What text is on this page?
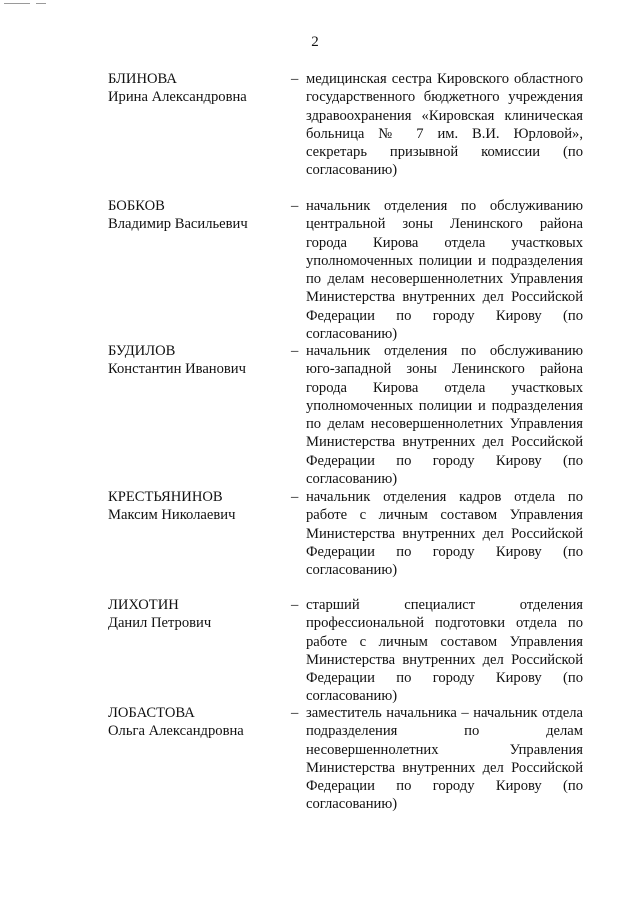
2
БЛИНОВА
Ирина Александровна
– медицинская сестра Кировского областного государственного бюджетного учреждения здравоохранения «Кировская клиническая больница № 7 им. В.И. Юрловой», секретарь призывной комиссии (по согласованию)
БОБКОВ
Владимир Васильевич
– начальник отделения по обслуживанию центральной зоны Ленинского района города Кирова отдела участковых уполномоченных полиции и подразделения по делам несовершеннолетних Управления Министерства внутренних дел Российской Федерации по городу Кирову (по согласованию)
БУДИЛОВ
Константин Иванович
– начальник отделения по обслуживанию юго-западной зоны Ленинского района города Кирова отдела участковых уполномоченных полиции и подразделения по делам несовершеннолетних Управления Министерства внутренних дел Российской Федерации по городу Кирову (по согласованию)
КРЕСТЬЯНИНОВ
Максим Николаевич
– начальник отделения кадров отдела по работе с личным составом Управления Министерства внутренних дел Российской Федерации по городу Кирову (по согласованию)
ЛИХОТИН
Данил Петрович
– старший специалист отделения профессиональной подготовки отдела по работе с личным составом Управления Министерства внутренних дел Российской Федерации по городу Кирову (по согласованию)
ЛОБАСТОВА
Ольга Александровна
– заместитель начальника – начальник отдела подразделения по делам несовершеннолетних Управления Министерства внутренних дел Российской Федерации по городу Кирову (по согласованию)
